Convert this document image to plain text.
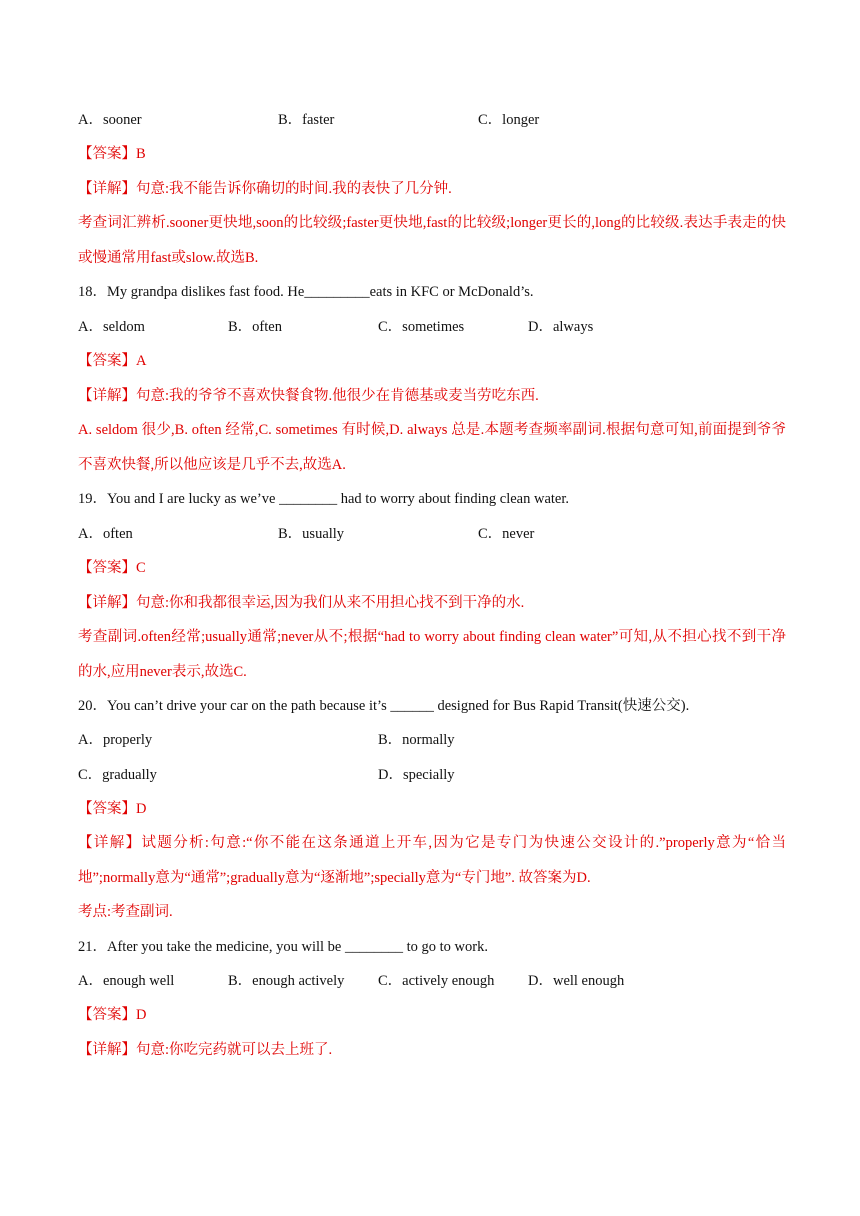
A．sooner	B．faster	C．longer
【答案】B
【详解】句意:我不能告诉你确切的时间.我的表快了几分钟.
考查词汇辨析.sooner更快地,soon的比较级;faster更快地,fast的比较级;longer更长的,long的比较级.表达手表走的快或慢通常用fast或slow.故选B.
18．My grandpa dislikes fast food. He_________eats in KFC or McDonald’s.
A．seldom	B．often	C．sometimes	D．always
【答案】A
【详解】句意:我的爷爷不喜欢快餐食物.他很少在肯德基或麦当劳吃东西.
A. seldom 很少,B. often 经常,C. sometimes 有时候,D. always 总是.本题考查频率副词.根据句意可知,前面提到爷爷不喜欢快餐,所以他应该是几乎不去,故选A.
19．You and I are lucky as we’ve ________ had to worry about finding clean water.
A．often	B．usually	C．never
【答案】C
【详解】句意:你和我都很幸运,因为我们从来不用担心找不到干净的水.
考查副词.often经常;usually通常;never从不;根据“had to worry about finding clean water”可知,从不担心找不到干净的水,应用never表示,故选C.
20．You can’t drive your car on the path because it’s ______ designed for Bus Rapid Transit(快速公交).
A．properly	B．normally
C．gradually	D．specially
【答案】D
【详解】试题分析:句意:“你不能在这条通道上开车,因为它是专门为快速公交设计的.”properly意为“恰当地”;normally意为“通常”;gradually意为“逐渐地”;specially意为“专门地”. 故答案为D.
考点:考查副词.
21．After you take the medicine, you will be ________ to go to work.
A．enough well	B．enough actively C．actively enough D．well enough
【答案】D
【详解】句意:你吃完药就可以去上班了.
